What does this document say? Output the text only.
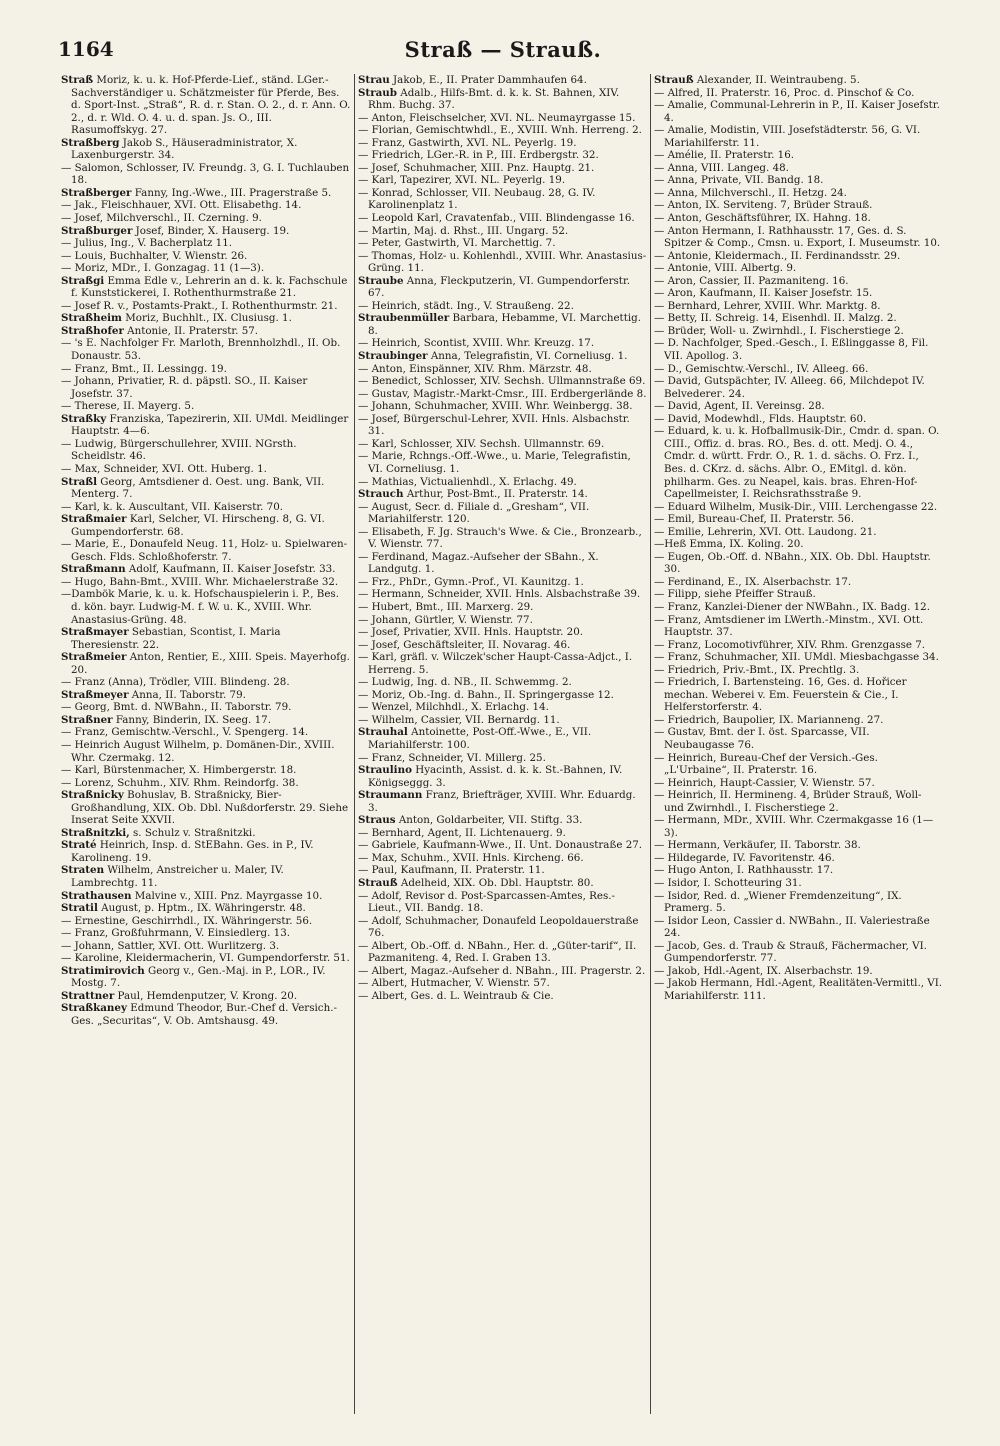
1164	Straß — Strauß.

Straß Moriz, k. u. k. Hof-Pferde-Lief., ständ. LGer.-Sachverständiger u. Schätzmeister für Pferde, Bes. d. Sport-Inst. „Straß“, R. d. r. Stan. O. 2., d. r. Ann. O. 2., d. r. Wld. O. 4. u. d. span. Js. O., III. Rasumoffskyg. 27.

Straßberg Jakob S., Häuseradministrator, X. Laxenburgerstr. 34.

— Salomon, Schlosser, IV. Freundg. 3, G. I. Tuchlauben 18.

Straßberger Fanny, Ing.-Wwe., III. Pragerstraße 5.

— Jak., Fleischhauer, XVI. Ott. Elisabethg. 14.

— Josef, Milchverschl., II. Czerning. 9.

Straßburger Josef, Binder, X. Hauserg. 19.

— Julius, Ing., V. Bacherplatz 11.

— Louis, Buchhalter, V. Wienstr. 26.

— Moriz, MDr., I. Gonzagag. 11 (1—3).

Straßgi Emma Edle v., Lehrerin an d. k. k. Fachschule f. Kunststickerei, I. Rothenthurmstraße 21.

— Josef R. v., Postamts-Prakt., I. Rothenthurmstr. 21.

Straßheim Moriz, Buchhlt., IX. Clusiusg. 1.

Straßhofer Antonie, II. Praterstr. 57.

— 's E. Nachfolger Fr. Marloth, Brennholzhdl., II. Ob. Donaustr. 53.

— Franz, Bmt., II. Lessingg. 19.

— Johann, Privatier, R. d. päpstl. SO., II. Kaiser Josefstr. 37.

— Therese, II. Mayerg. 5.

Straßky Franziska, Tapezirerin, XII. UMdl. Meidlinger Hauptstr. 4—6.

— Ludwig, Bürgerschullehrer, XVIII. NGrsth. Scheidlstr. 46.

— Max, Schneider, XVI. Ott. Huberg. 1.

Straßl Georg, Amtsdiener d. Oest. ung. Bank, VII. Menterg. 7.

— Karl, k. k. Auscultant, VII. Kaiserstr. 70.

Straßmaier Karl, Selcher, VI. Hirscheng. 8, G. VI. Gumpendorferstr. 68.

— Marie, E., Donaufeld Neug. 11, Holz- u. Spielwaren-Gesch. Flds. Schloßhoferstr. 7.

Straßmann Adolf, Kaufmann, II. Kaiser Josefstr. 33.

— Hugo, Bahn-Bmt., XVIII. Whr. Michaelerstraße 32.

—Dambök Marie, k. u. k. Hofschauspielerin i. P., Bes. d. kön. bayr. Ludwig-M. f. W. u. K., XVIII. Whr. Anastasius-Grüng. 48.

Straßmayer Sebastian, Scontist, I. Maria Theresienstr. 22.

Straßmeier Anton, Rentier, E., XIII. Speis. Mayerhofg. 20.

— Franz (Anna), Trödler, VIII. Blindeng. 28.

Straßmeyer Anna, II. Taborstr. 79.

— Georg, Bmt. d. NWBahn., II. Taborstr. 79.

Straßner Fanny, Binderin, IX. Seeg. 17.

— Franz, Gemischtw.-Verschl., V. Spengerg. 14.

— Heinrich August Wilhelm, p. Domänen-Dir., XVIII. Whr. Czermakg. 12.

— Karl, Bürstenmacher, X. Himbergerstr. 18.

— Lorenz, Schuhm., XIV. Rhm. Reindorfg. 38.

Straßnicky Bohuslav, B. Straßnicky, Bier-Großhandlung, XIX. Ob. Dbl. Nußdorferstr. 29. Siehe Inserat Seite XXVII.

Straßnitzki, s. Schulz v. Straßnitzki.

Straté Heinrich, Insp. d. StEBahn. Ges. in P., IV. Karolineng. 19.

Straten Wilhelm, Anstreicher u. Maler, IV. Lambrechtg. 11.

Strathausen Malvine v., XIII. Pnz. Mayrgasse 10.

Stratil August, p. Hptm., IX. Währingerstr. 48.

— Ernestine, Geschirrhdl., IX. Währingerstr. 56.

— Franz, Großfuhrmann, V. Einsiedlerg. 13.

— Johann, Sattler, XVI. Ott. Wurlitzerg. 3.

— Karoline, Kleidermacherin, VI. Gumpendorferstr. 51.

Stratimirovich Georg v., Gen.-Maj. in P., LOR., IV. Mostg. 7.

Strattner Paul, Hemdenputzer, V. Krong. 20.

Straßkaney Edmund Theodor, Bur.-Chef d. Versich.-Ges. „Securitas“, V. Ob. Amtshausg. 49.

Strau Jakob, E., II. Prater Dammhaufen 64.

Straub Adalb., Hilfs-Bmt. d. k. k. St. Bahnen, XIV. Rhm. Buchg. 37.

— Anton, Fleischselcher, XVI. NL. Neumayrgasse 15.

— Florian, Gemischtwhdl., E., XVIII. Wnh. Herreng. 2.

— Franz, Gastwirth, XVI. NL. Peyerlg. 19.

— Friedrich, LGer.-R. in P., III. Erdbergstr. 32.

— Josef, Schuhmacher, XIII. Pnz. Hauptg. 21.

— Karl, Tapezirer, XVI. NL. Peyerlg. 19.

— Konrad, Schlosser, VII. Neubaug. 28, G. IV. Karolinenplatz 1.

— Leopold Karl, Cravatenfab., VIII. Blindengasse 16.

— Martin, Maj. d. Rhst., III. Ungarg. 52.

— Peter, Gastwirth, VI. Marchettig. 7.

— Thomas, Holz- u. Kohlenhdl., XVIII. Whr. Anastasius-Grüng. 11.

Straube Anna, Fleckputzerin, VI. Gumpendorferstr. 67.

— Heinrich, städt. Ing., V. Straußeng. 22.

Straubenmüller Barbara, Hebamme, VI. Marchettig. 8.

— Heinrich, Scontist, XVIII. Whr. Kreuzg. 17.

Straubinger Anna, Telegrafistin, VI. Corneliusg. 1.

— Anton, Einspänner, XIV. Rhm. Märzstr. 48.

— Benedict, Schlosser, XIV. Sechsh. Ullmannstraße 69.

— Gustav, Magistr.-Markt-Cmsr., III. Erdbergerlände 8.

— Johann, Schuhmacher, XVIII. Whr. Weinbergg. 38.

— Josef, Bürgerschul-Lehrer, XVII. Hnls. Alsbachstr. 31.

— Karl, Schlosser, XIV. Sechsh. Ullmannstr. 69.

— Marie, Rchngs.-Off.-Wwe., u. Marie, Telegrafistin, VI. Corneliusg. 1.

— Mathias, Victualienhdl., X. Erlachg. 49.

Strauch Arthur, Post-Bmt., II. Praterstr. 14.

— August, Secr. d. Filiale d. „Gresham“, VII. Mariahilferstr. 120.

— Elisabeth, F. Jg. Strauch's Wwe. & Cie., Bronzearb., V. Wienstr. 77.

— Ferdinand, Magaz.-Aufseher der SBahn., X. Landgutg. 1.

— Frz., PhDr., Gymn.-Prof., VI. Kaunitzg. 1.

— Hermann, Schneider, XVII. Hnls. Alsbachstraße 39.

— Hubert, Bmt., III. Marxerg. 29.

— Johann, Gürtler, V. Wienstr. 77.

— Josef, Privatier, XVII. Hnls. Hauptstr. 20.

— Josef, Geschäftsleiter, II. Novarag. 46.

— Karl, gräfl. v. Wilczek'scher Haupt-Cassa-Adjct., I. Herreng. 5.

— Ludwig, Ing. d. NB., II. Schwemmg. 2.

— Moriz, Ob.-Ing. d. Bahn., II. Springergasse 12.

— Wenzel, Milchhdl., X. Erlachg. 14.

— Wilhelm, Cassier, VII. Bernardg. 11.

Strauhal Antoinette, Post-Off.-Wwe., E., VII. Mariahilferstr. 100.

— Franz, Schneider, VI. Millerg. 25.

Straulino Hyacinth, Assist. d. k. k. St.-Bahnen, IV. Königseggg. 3.

Straumann Franz, Briefträger, XVIII. Whr. Eduardg. 3.

Straus Anton, Goldarbeiter, VII. Stiftg. 33.

— Bernhard, Agent, II. Lichtenauerg. 9.

— Gabriele, Kaufmann-Wwe., II. Unt. Donaustraße 27.

— Max, Schuhm., XVII. Hnls. Kircheng. 66.

— Paul, Kaufmann, II. Praterstr. 11.

Strauß Adelheid, XIX. Ob. Dbl. Hauptstr. 80.

— Adolf, Revisor d. Post-Sparcassen-Amtes, Res.-Lieut., VII. Bandg. 18.

— Adolf, Schuhmacher, Donaufeld Leopoldauerstraße 76.

— Albert, Ob.-Off. d. NBahn., Her. d. „Güter-tarif“, II. Pazmaniteng. 4, Red. I. Graben 13.

— Albert, Magaz.-Aufseher d. NBahn., III. Pragerstr. 2.

— Albert, Hutmacher, V. Wienstr. 57.

— Albert, Ges. d. L. Weintraub & Cie.

Strauß Alexander, II. Weintraubeng. 5.

— Alfred, II. Praterstr. 16, Proc. d. Pinschof & Co.

— Amalie, Communal-Lehrerin in P., II. Kaiser Josefstr. 4.

— Amalie, Modistin, VIII. Josefstädterstr. 56, G. VI. Mariahilferstr. 11.

— Amélie, II. Praterstr. 16.

— Anna, VIII. Langeg. 48.

— Anna, Private, VII. Bandg. 18.

— Anna, Milchverschl., II. Hetzg. 24.

— Anton, IX. Serviteng. 7, Brüder Strauß.

— Anton, Geschäftsführer, IX. Hahng. 18.

— Anton Hermann, I. Rathhausstr. 17, Ges. d. S. Spitzer & Comp., Cmsn. u. Export, I. Museumstr. 10.

— Antonie, Kleidermach., II. Ferdinandsstr. 29.

— Antonie, VIII. Albertg. 9.

— Aron, Cassier, II. Pazmaniteng. 16.

— Aron, Kaufmann, II. Kaiser Josefstr. 15.

— Bernhard, Lehrer, XVIII. Whr. Marktg. 8.

— Betty, II. Schreig. 14, Eisenhdl. II. Malzg. 2.

— Brüder, Woll- u. Zwirnhdl., I. Fischerstiege 2.

— D. Nachfolger, Sped.-Gesch., I. Eßlinggasse 8, Fil. VII. Apollog. 3.

— D., Gemischtw.-Verschl., IV. Alleeg. 66.

— David, Gutspächter, IV. Alleeg. 66, Milchdepot IV. Belvederег. 24.

— David, Agent, II. Vereinsg. 28.

— David, Modewhdl., Flds. Hauptstr. 60.

— Eduard, k. u. k. Hofballmusik-Dir., Cmdr. d. span. O. CIII., Offiz. d. bras. RO., Bes. d. ott. Medj. O. 4., Cmdr. d. württ. Frdr. O., R. 1. d. sächs. O. Frz. I., Bes. d. CKrz. d. sächs. Albr. O., EMitgl. d. kön. philharm. Ges. zu Neapel, kais. bras. Ehren-Hof-Capellmeister, I. Reichsrathsstraße 9.

— Eduard Wilhelm, Musik-Dir., VIII. Lerchengasse 22.

— Emil, Bureau-Chef, II. Praterstr. 56.

— Emilie, Lehrerin, XVI. Ott. Laudong. 21.

—Heß Emma, IX. Koling. 20.

— Eugen, Ob.-Off. d. NBahn., XIX. Ob. Dbl. Hauptstr. 30.

— Ferdinand, E., IX. Alserbachstr. 17.

— Filipp, siehe Pfeiffer Strauß.

— Franz, Kanzlei-Diener der NWBahn., IX. Badg. 12.

— Franz, Amtsdiener im LWerth.-Minstm., XVI. Ott. Hauptstr. 37.

— Franz, Locomotivführer, XIV. Rhm. Grenzgasse 7.

— Franz, Schuhmacher, XII. UMdl. Miesbachgasse 34.

— Friedrich, Priv.-Bmt., IX. Prechtlg. 3.

— Friedrich, I. Bartensteing. 16, Ges. d. Hořicer mechan. Weberei v. Em. Feuerstein & Cie., I. Helferstorferstr. 4.

— Friedrich, Baupolier, IX. Marianneng. 27.

— Gustav, Bmt. der I. öst. Sparcasse, VII. Neubaugasse 76.

— Heinrich, Bureau-Chef der Versich.-Ges. „L'Urbaine“, II. Praterstr. 16.

— Heinrich, Haupt-Cassier, V. Wienstr. 57.

— Heinrich, II. Hermineng. 4, Brüder Strauß, Woll- und Zwirnhdl., I. Fischerstiege 2.

— Hermann, MDr., XVIII. Whr. Czermakgasse 16 (1—3).

— Hermann, Verkäufer, II. Taborstr. 38.

— Hildegarde, IV. Favoritenstr. 46.

— Hugo Anton, I. Rathhausstr. 17.

— Isidor, I. Schotteuring 31.

— Isidor, Red. d. „Wiener Fremdenzeitung“, IX. Pramerg. 5.

— Isidor Leon, Cassier d. NWBahn., II. Valeriestraße 24.

— Jacob, Ges. d. Traub & Strauß, Fächermacher, VI. Gumpendorferstr. 77.

— Jakob, Hdl.-Agent, IX. Alserbachstr. 19.

— Jakob Hermann, Hdl.-Agent, Realitäten-Vermittl., VI. Mariahilferstr. 111.
